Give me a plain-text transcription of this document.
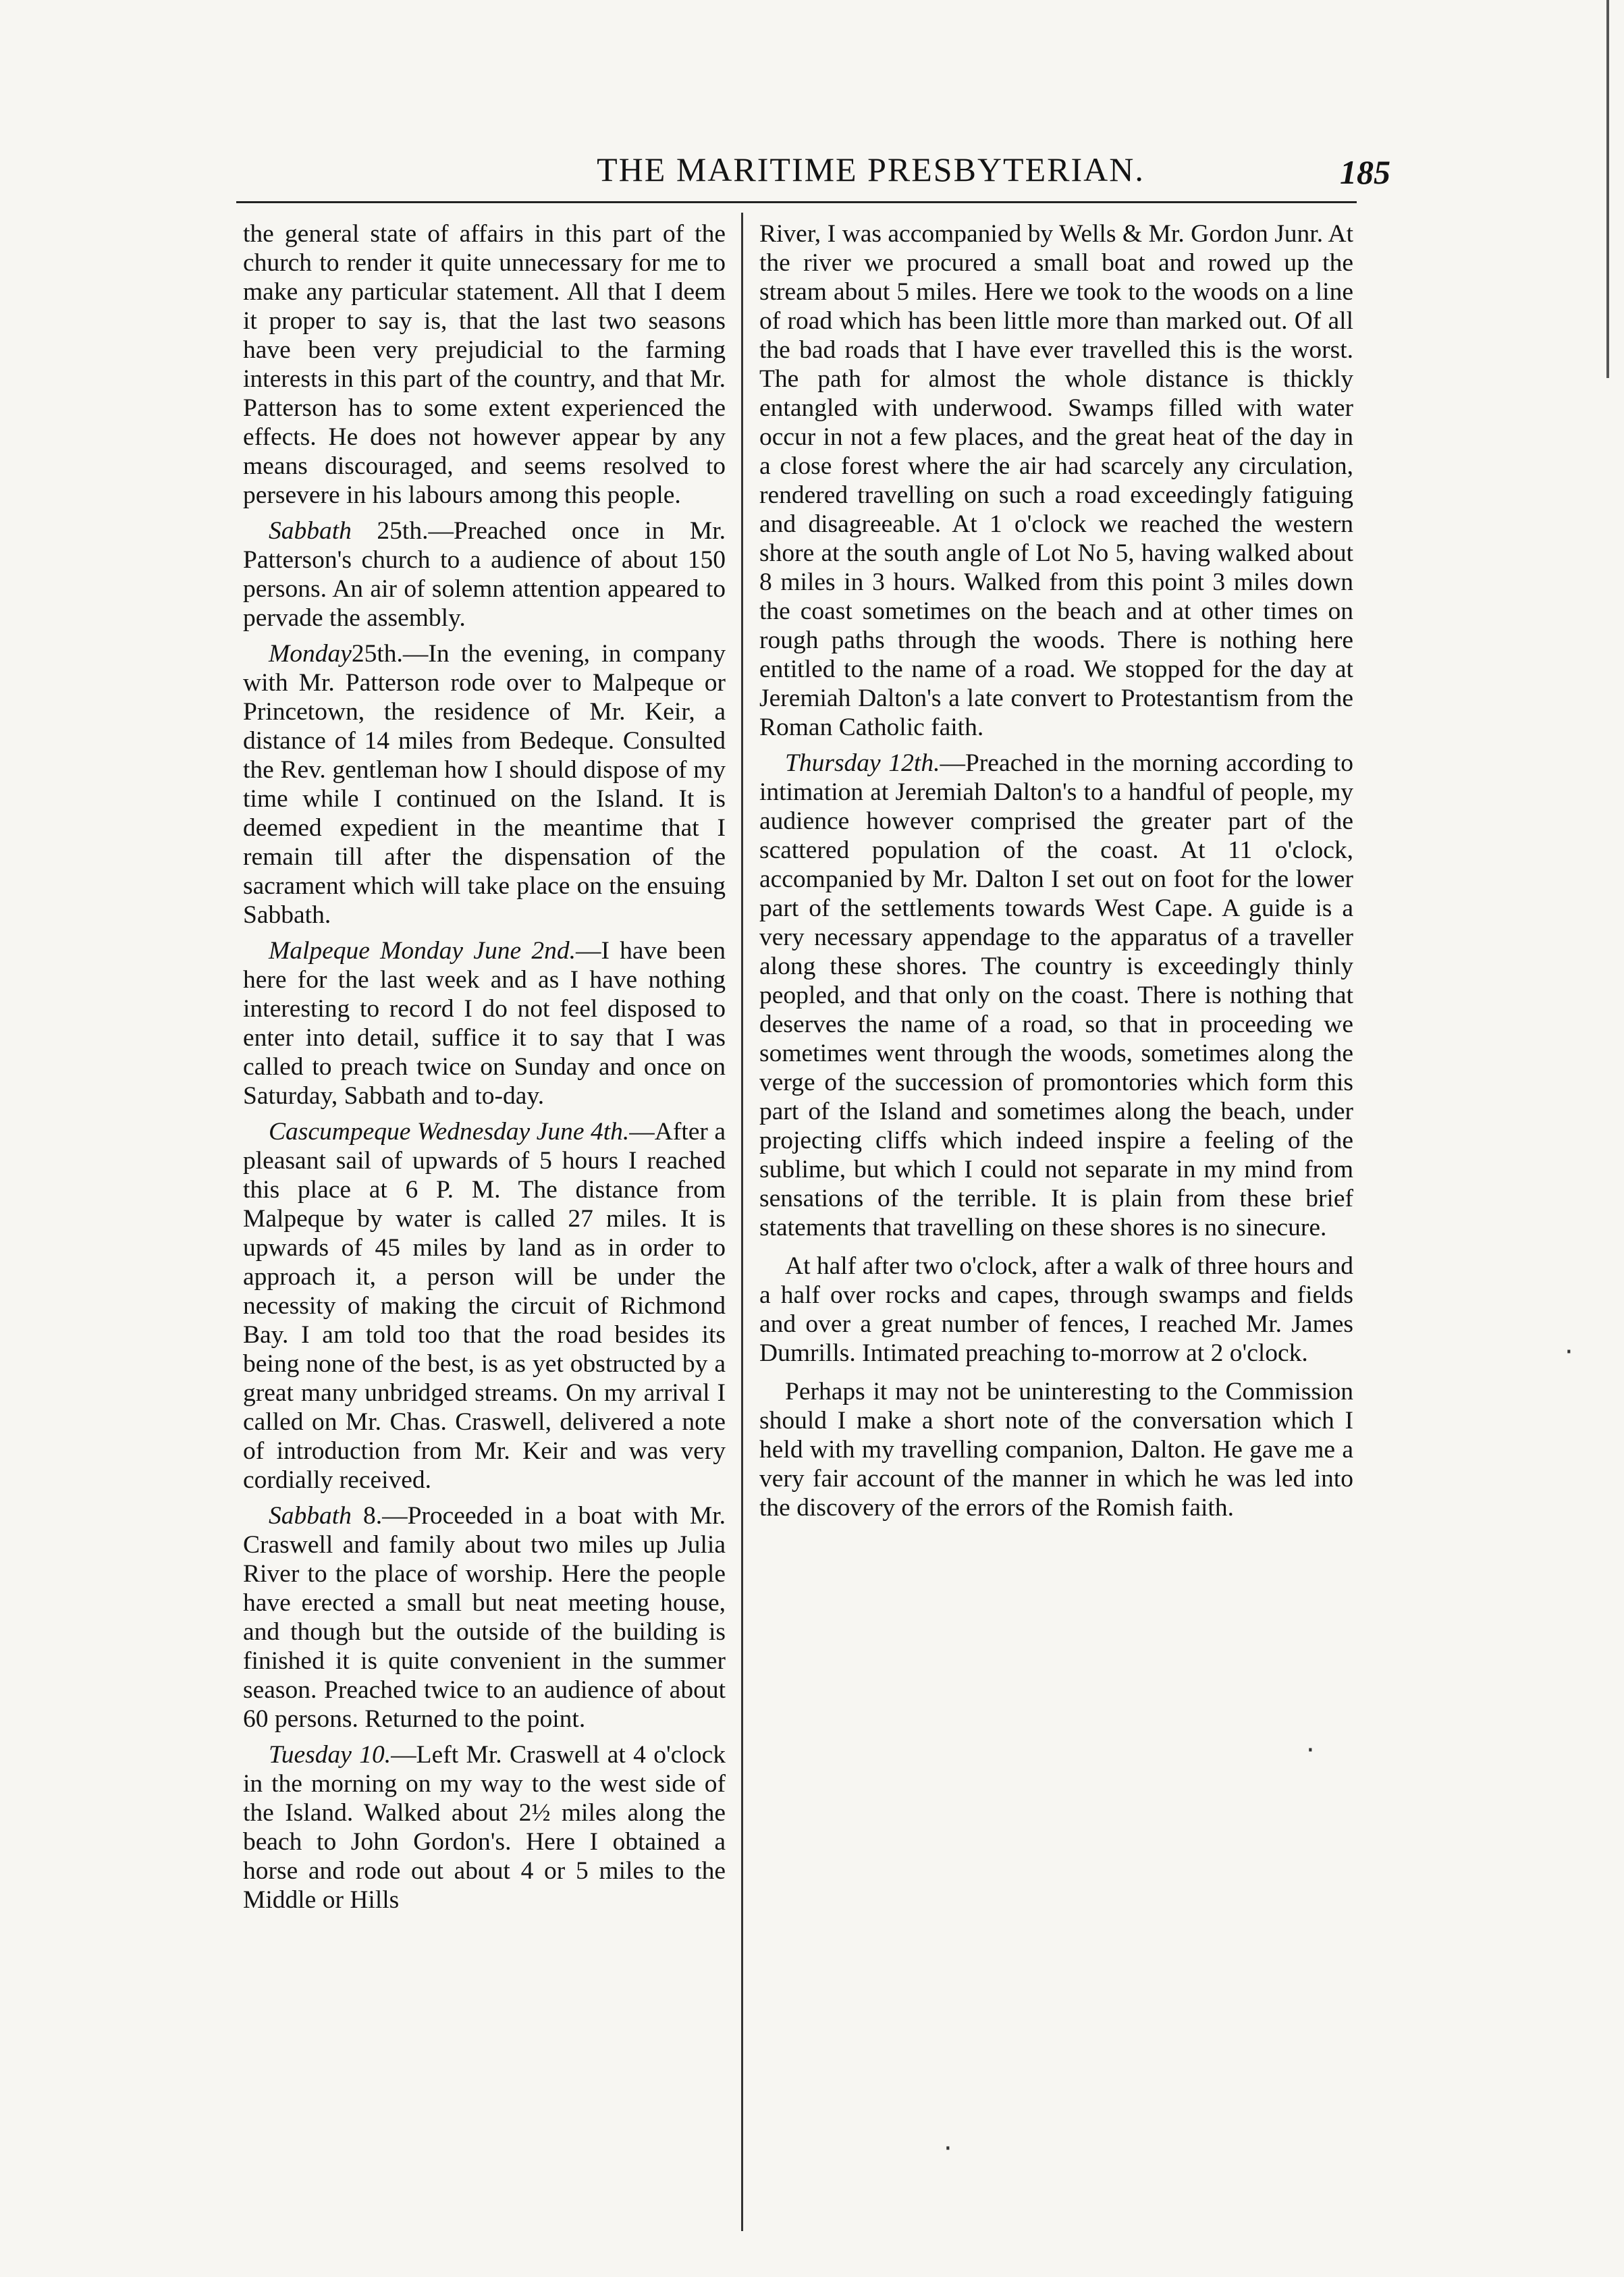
THE MARITIME PRESBYTERIAN.	185

the general state of affairs in this part of the church to render it quite unnecessary for me to make any particular statement. All that I deem it proper to say is, that the last two seasons have been very prejudicial to the farming interests in this part of the country, and that Mr. Patterson has to some extent experienced the effects. He does not however appear by any means discouraged, and seems resolved to persevere in his labours among this people.

Sabbath 25th.—Preached once in Mr. Patterson's church to a audience of about 150 persons. An air of solemn attention appeared to pervade the assembly.

Monday25th.—In the evening, in company with Mr. Patterson rode over to Malpeque or Princetown, the residence of Mr. Keir, a distance of 14 miles from Bedeque. Consulted the Rev. gentleman how I should dispose of my time while I continued on the Island. It is deemed expedient in the meantime that I remain till after the dispensation of the sacrament which will take place on the ensuing Sabbath.

Malpeque Monday June 2nd.—I have been here for the last week and as I have nothing interesting to record I do not feel disposed to enter into detail, suffice it to say that I was called to preach twice on Sunday and once on Saturday, Sabbath and to-day.

Cascumpeque Wednesday June 4th.—After a pleasant sail of upwards of 5 hours I reached this place at 6 P. M. The distance from Malpeque by water is called 27 miles. It is upwards of 45 miles by land as in order to approach it, a person will be under the necessity of making the circuit of Richmond Bay. I am told too that the road besides its being none of the best, is as yet obstructed by a great many unbridged streams. On my arrival I called on Mr. Chas. Craswell, delivered a note of introduction from Mr. Keir and was very cordially received.

Sabbath 8.—Proceeded in a boat with Mr. Craswell and family about two miles up Julia River to the place of worship. Here the people have erected a small but neat meeting house, and though but the outside of the building is finished it is quite convenient in the summer season. Preached twice to an audience of about 60 persons. Returned to the point.

Tuesday 10.—Left Mr. Craswell at 4 o'clock in the morning on my way to the west side of the Island. Walked about 2½ miles along the beach to John Gordon's. Here I obtained a horse and rode out about 4 or 5 miles to the Middle or Hills

River, I was accompanied by Wells & Mr. Gordon Junr. At the river we procured a small boat and rowed up the stream about 5 miles. Here we took to the woods on a line of road which has been little more than marked out. Of all the bad roads that I have ever travelled this is the worst. The path for almost the whole distance is thickly entangled with underwood. Swamps filled with water occur in not a few places, and the great heat of the day in a close forest where the air had scarcely any circulation, rendered travelling on such a road exceedingly fatiguing and disagreeable. At 1 o'clock we reached the western shore at the south angle of Lot No 5, having walked about 8 miles in 3 hours. Walked from this point 3 miles down the coast sometimes on the beach and at other times on rough paths through the woods. There is nothing here entitled to the name of a road. We stopped for the day at Jeremiah Dalton's a late convert to Protestantism from the Roman Catholic faith.

Thursday 12th.—Preached in the morning according to intimation at Jeremiah Dalton's to a handful of people, my audience however comprised the greater part of the scattered population of the coast. At 11 o'clock, accompanied by Mr. Dalton I set out on foot for the lower part of the settlements towards West Cape. A guide is a very necessary appendage to the apparatus of a traveller along these shores. The country is exceedingly thinly peopled, and that only on the coast. There is nothing that deserves the name of a road, so that in proceeding we sometimes went through the woods, sometimes along the verge of the succession of promontories which form this part of the Island and sometimes along the beach, under projecting cliffs which indeed inspire a feeling of the sublime, but which I could not separate in my mind from sensations of the terrible. It is plain from these brief statements that travelling on these shores is no sinecure.

At half after two o'clock, after a walk of three hours and a half over rocks and capes, through swamps and fields and over a great number of fences, I reached Mr. James Dumrills. Intimated preaching to-morrow at 2 o'clock.

Perhaps it may not be uninteresting to the Commission should I make a short note of the conversation which I held with my travelling companion, Dalton. He gave me a very fair account of the manner in which he was led into the discovery of the errors of the Romish faith.

·
·
·
